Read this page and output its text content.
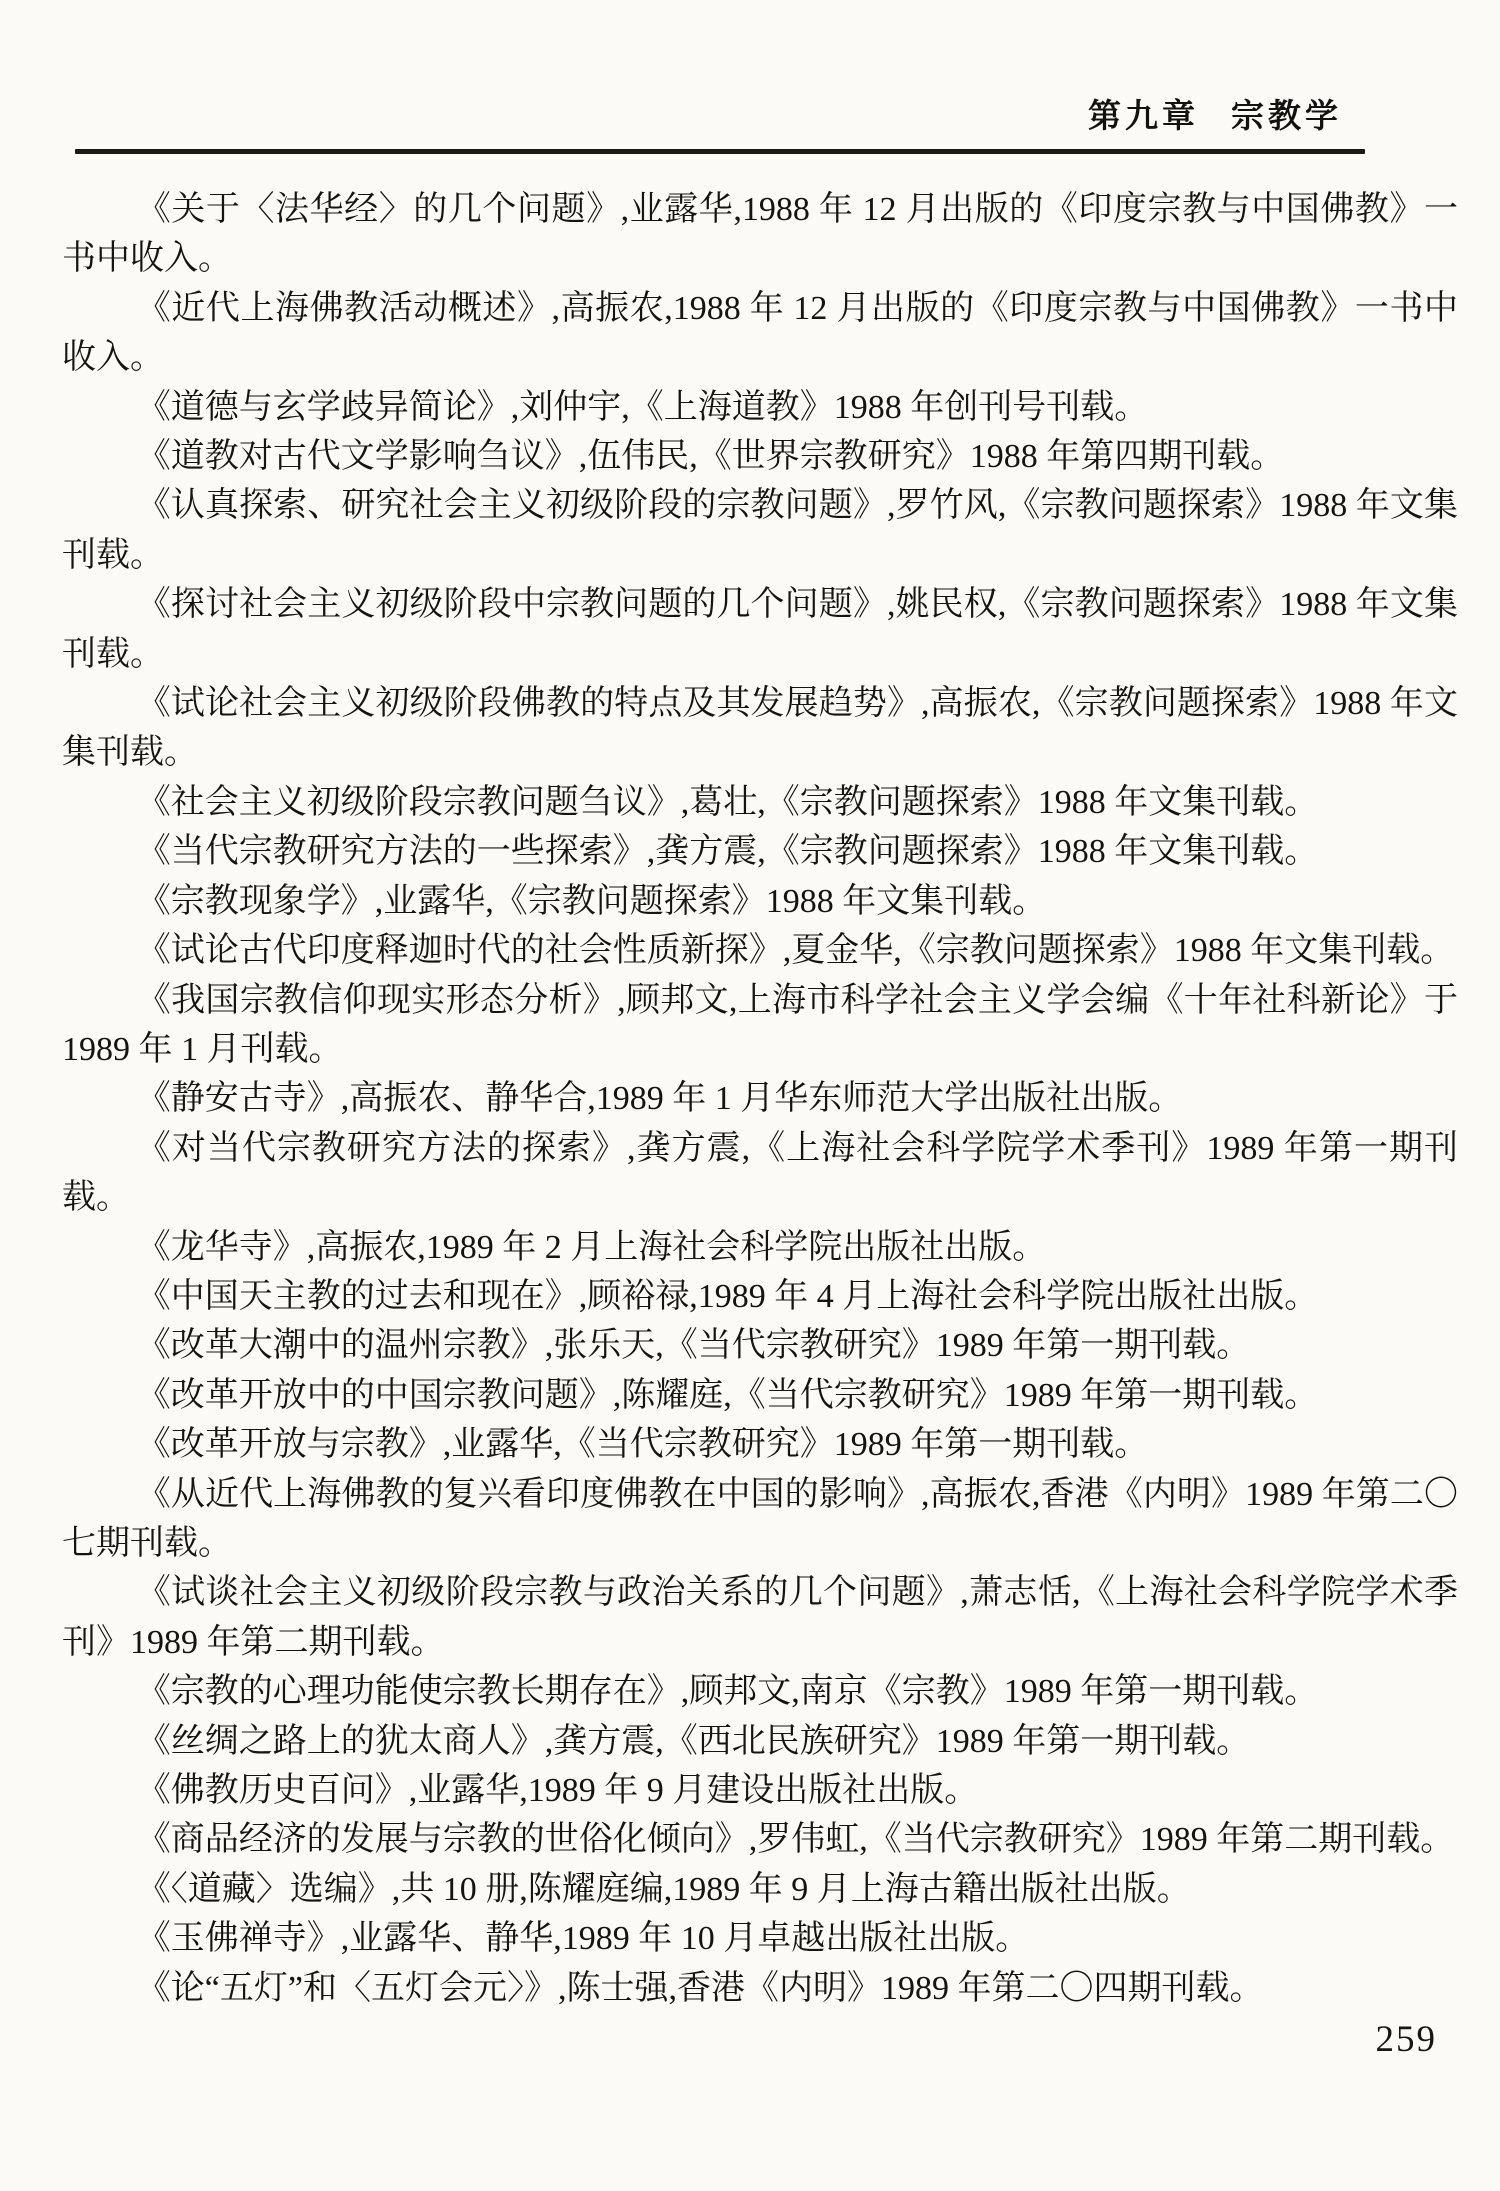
第九章 宗教学

《关于〈法华经〉的几个问题》,业露华,1988 年 12 月出版的《印度宗教与中国佛教》一书中收入。

《近代上海佛教活动概述》,高振农,1988 年 12 月出版的《印度宗教与中国佛教》一书中收入。

《道德与玄学歧异简论》,刘仲宇,《上海道教》1988 年创刊号刊载。

《道教对古代文学影响刍议》,伍伟民,《世界宗教研究》1988 年第四期刊载。

《认真探索、研究社会主义初级阶段的宗教问题》,罗竹风,《宗教问题探索》1988 年文集刊载。

《探讨社会主义初级阶段中宗教问题的几个问题》,姚民权,《宗教问题探索》1988 年文集刊载。

《试论社会主义初级阶段佛教的特点及其发展趋势》,高振农,《宗教问题探索》1988 年文集刊载。

《社会主义初级阶段宗教问题刍议》,葛壮,《宗教问题探索》1988 年文集刊载。

《当代宗教研究方法的一些探索》,龚方震,《宗教问题探索》1988 年文集刊载。

《宗教现象学》,业露华,《宗教问题探索》1988 年文集刊载。

《试论古代印度释迦时代的社会性质新探》,夏金华,《宗教问题探索》1988 年文集刊载。

《我国宗教信仰现实形态分析》,顾邦文,上海市科学社会主义学会编《十年社科新论》于 1989 年 1 月刊载。

《静安古寺》,高振农、静华合,1989 年 1 月华东师范大学出版社出版。

《对当代宗教研究方法的探索》,龚方震,《上海社会科学院学术季刊》1989 年第一期刊载。

《龙华寺》,高振农,1989 年 2 月上海社会科学院出版社出版。

《中国天主教的过去和现在》,顾裕禄,1989 年 4 月上海社会科学院出版社出版。

《改革大潮中的温州宗教》,张乐天,《当代宗教研究》1989 年第一期刊载。

《改革开放中的中国宗教问题》,陈耀庭,《当代宗教研究》1989 年第一期刊载。

《改革开放与宗教》,业露华,《当代宗教研究》1989 年第一期刊载。

《从近代上海佛教的复兴看印度佛教在中国的影响》,高振农,香港《内明》1989 年第二〇七期刊载。

《试谈社会主义初级阶段宗教与政治关系的几个问题》,萧志恬,《上海社会科学院学术季刊》1989 年第二期刊载。

《宗教的心理功能使宗教长期存在》,顾邦文,南京《宗教》1989 年第一期刊载。

《丝绸之路上的犹太商人》,龚方震,《西北民族研究》1989 年第一期刊载。

《佛教历史百问》,业露华,1989 年 9 月建设出版社出版。

《商品经济的发展与宗教的世俗化倾向》,罗伟虹,《当代宗教研究》1989 年第二期刊载。

《〈道藏〉选编》,共 10 册,陈耀庭编,1989 年 9 月上海古籍出版社出版。

《玉佛禅寺》,业露华、静华,1989 年 10 月卓越出版社出版。

《论“五灯”和〈五灯会元〉》,陈士强,香港《内明》1989 年第二〇四期刊载。

259
